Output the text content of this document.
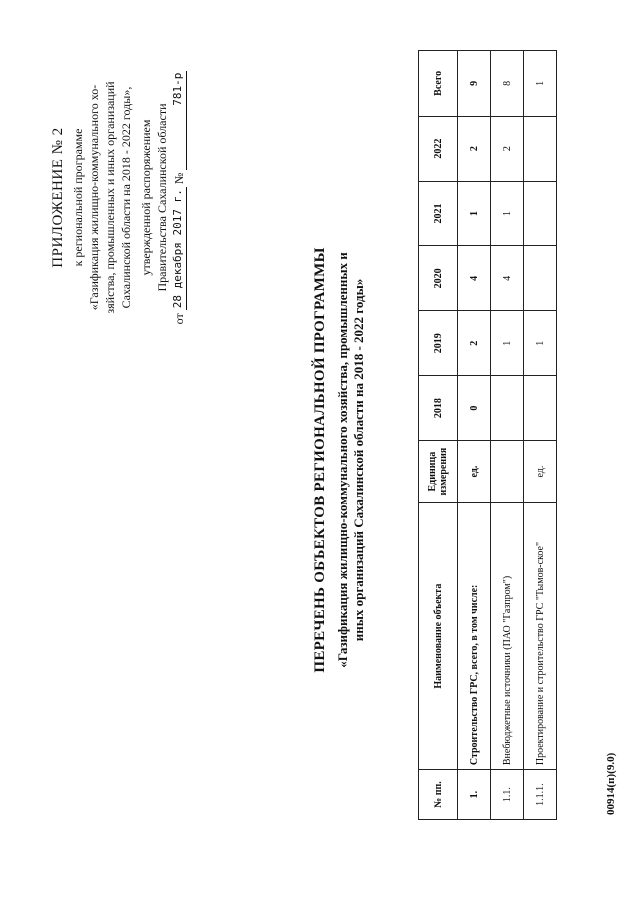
ПРИЛОЖЕНИЕ № 2 к региональной программе «Газификация жилищно-коммунального хо- зяйства, промышленных и иных организаций Сахалинской области на 2018 - 2022 годы», утвержденной распоряжением Правительства Сахалинской области
от
28 декабря 2017 г.
№
781-р
ПЕРЕЧЕНЬ ОБЪЕКТОВ РЕГИОНАЛЬНОЙ ПРОГРАММЫ «Газификация жилищно-коммунального хозяйства, промышленных и иных организаций Сахалинской области на 2018 - 2022 годы»
№ пп.	Наименование объекта	Единица измерения	2018	2019	2020	2021	2022	Всего
1.	Строительство ГРС, всего, в том числе:	ед.	0	2	4	1	2	9
1.1.	Внебюджетные источники (ПАО "Газпром")			1	4	1	2	8
1.1.1.	Проектирование и строительство ГРС "Тымов-ское"	ед.		1				1
00914(п)(9.0)
